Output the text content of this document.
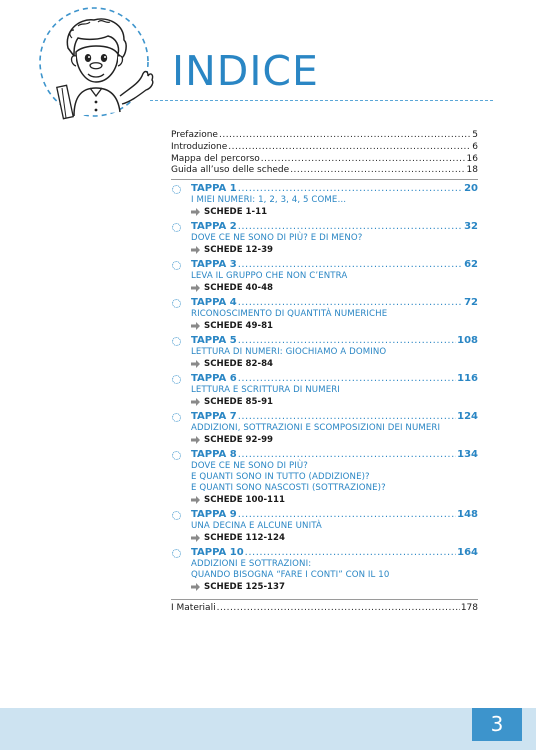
INDICE
Prefazione .....	5
Introduzione .....	6
Mappa del percorso .....	16
Guida all’uso delle schede .....	18
TAPPA 1 .....	20
I MIEI NUMERI: 1, 2, 3, 4, 5 COME…
SCHEDE 1-11
TAPPA 2 .....	32
DOVE CE NE SONO DI PIÙ? E DI MENO?
SCHEDE 12-39
TAPPA 3 .....	62
LEVA IL GRUPPO CHE NON C’ENTRA
SCHEDE 40-48
TAPPA 4 .....	72
RICONOSCIMENTO DI QUANTITÀ NUMERICHE
SCHEDE 49-81
TAPPA 5 .....	108
LETTURA DI NUMERI: GIOCHIAMO A DOMINO
SCHEDE 82-84
TAPPA 6 .....	116
LETTURA E SCRITTURA DI NUMERI
SCHEDE 85-91
TAPPA 7 .....	124
ADDIZIONI, SOTTRAZIONI E SCOMPOSIZIONI DEI NUMERI
SCHEDE 92-99
TAPPA 8 .....	134
DOVE CE NE SONO DI PIÙ?
E QUANTI SONO IN TUTTO (ADDIZIONE)?
E QUANTI SONO NASCOSTI (SOTTRAZIONE)?
SCHEDE 100-111
TAPPA 9 .....	148
UNA DECINA E ALCUNE UNITÀ
SCHEDE 112-124
TAPPA 10 .....	164
ADDIZIONI E SOTTRAZIONI:
QUANDO BISOGNA “FARE I CONTI” CON IL 10
SCHEDE 125-137
I Materiali .....	178
3
